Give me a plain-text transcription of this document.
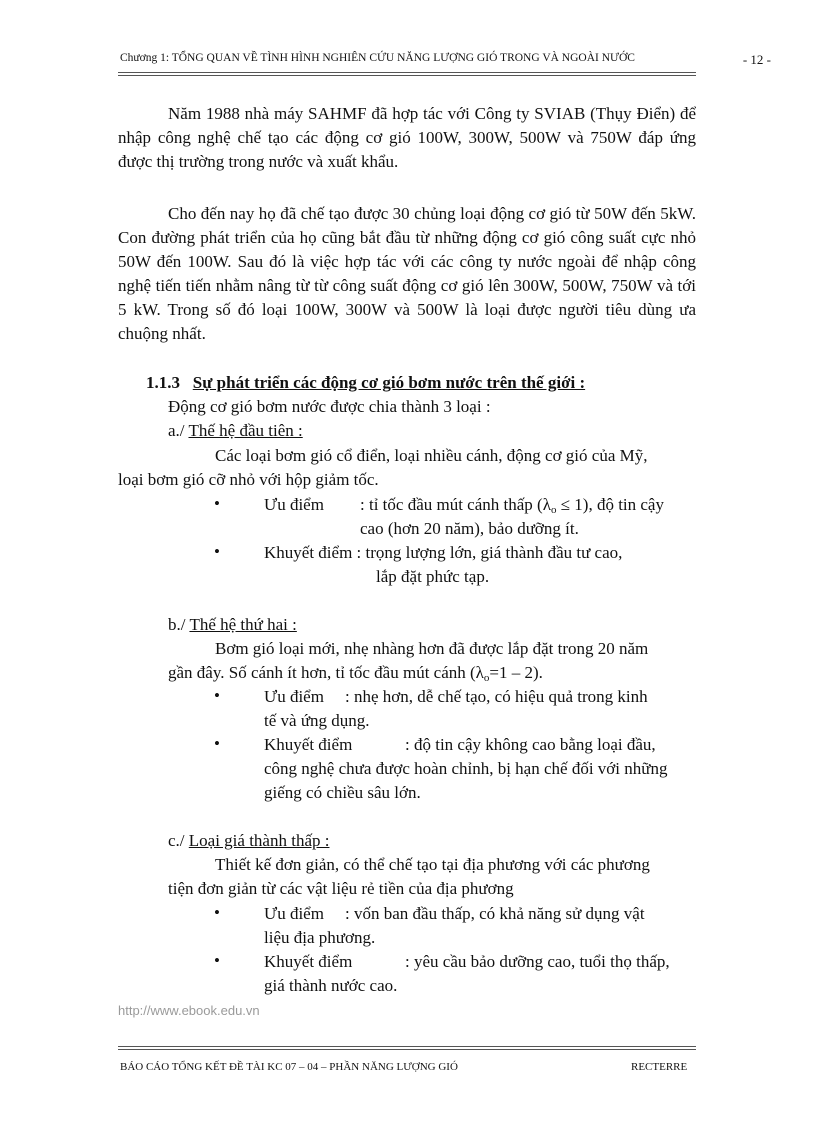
Chương 1: TỔNG QUAN VỀ TÌNH HÌNH NGHIÊN CỨU NĂNG LƯỢNG GIÓ TRONG VÀ NGOÀI NƯỚC	- 12 -
Năm 1988 nhà máy SAHMF đã hợp tác với Công ty SVIAB (Thụy Điển) để nhập công nghệ chế tạo các động cơ gió 100W, 300W, 500W và 750W đáp ứng được thị trường trong nước và xuất khẩu.
Cho đến nay họ đã chế tạo được 30 chủng loại động cơ gió từ 50W đến 5kW. Con đường phát triển của họ cũng bắt đầu từ những động cơ gió công suất cực nhỏ 50W đến 100W. Sau đó là việc hợp tác với các công ty nước ngoài để nhập công nghệ tiến tiến nhằm nâng từ từ công suất động cơ gió lên 300W, 500W, 750W và tới 5 kW. Trong số đó loại 100W, 300W và 500W là loại được người tiêu dùng ưa chuộng nhất.
1.1.3 Sự phát triển các động cơ gió bơm nước trên thế giới :
Động cơ gió bơm nước được chia thành 3 loại :
a./ Thế hệ đầu tiên :
Các loại bơm gió cổ điển, loại nhiều cánh, động cơ gió của Mỹ,
loại bơm gió cỡ nhỏ với hộp giảm tốc.
•	Ưu điểm : tỉ tốc đầu mút cánh thấp $(\lambda_o \le 1)$, độ tin cậy
cao (hơn 20 năm), bảo dưỡng ít.
•	Khuyết điểm : trọng lượng lớn, giá thành đầu tư cao,
lắp đặt phức tạp.
b./ Thế hệ thứ hai :
Bơm gió loại mới, nhẹ nhàng hơn đã được lắp đặt trong 20 năm
gần đây. Số cánh ít hơn, tỉ tốc đầu mút cánh $(\lambda_o=1 - 2)$.
•	Ưu điểm : nhẹ hơn, dễ chế tạo, có hiệu quả trong kinh
tế và ứng dụng.
•	Khuyết điểm	: độ tin cậy không cao bằng loại đầu,
công nghệ chưa được hoàn chỉnh, bị hạn chế đối với những
giếng có chiều sâu lớn.
c./ Loại giá thành thấp :
Thiết kế đơn giản, có thể chế tạo tại địa phương với các phương
tiện đơn giản từ các vật liệu rẻ tiền của địa phương
•	Ưu điểm : vốn ban đầu thấp, có khả năng sử dụng vật
liệu địa phương.
•	Khuyết điểm	: yêu cầu bảo dưỡng cao, tuổi thọ thấp,
giá thành nước cao.
http://www.ebook.edu.vn
BÁO CÁO TỔNG KẾT ĐỀ TÀI KC 07 – 04 – PHẦN NĂNG LƯỢNG GIÓ	RECTERRE
